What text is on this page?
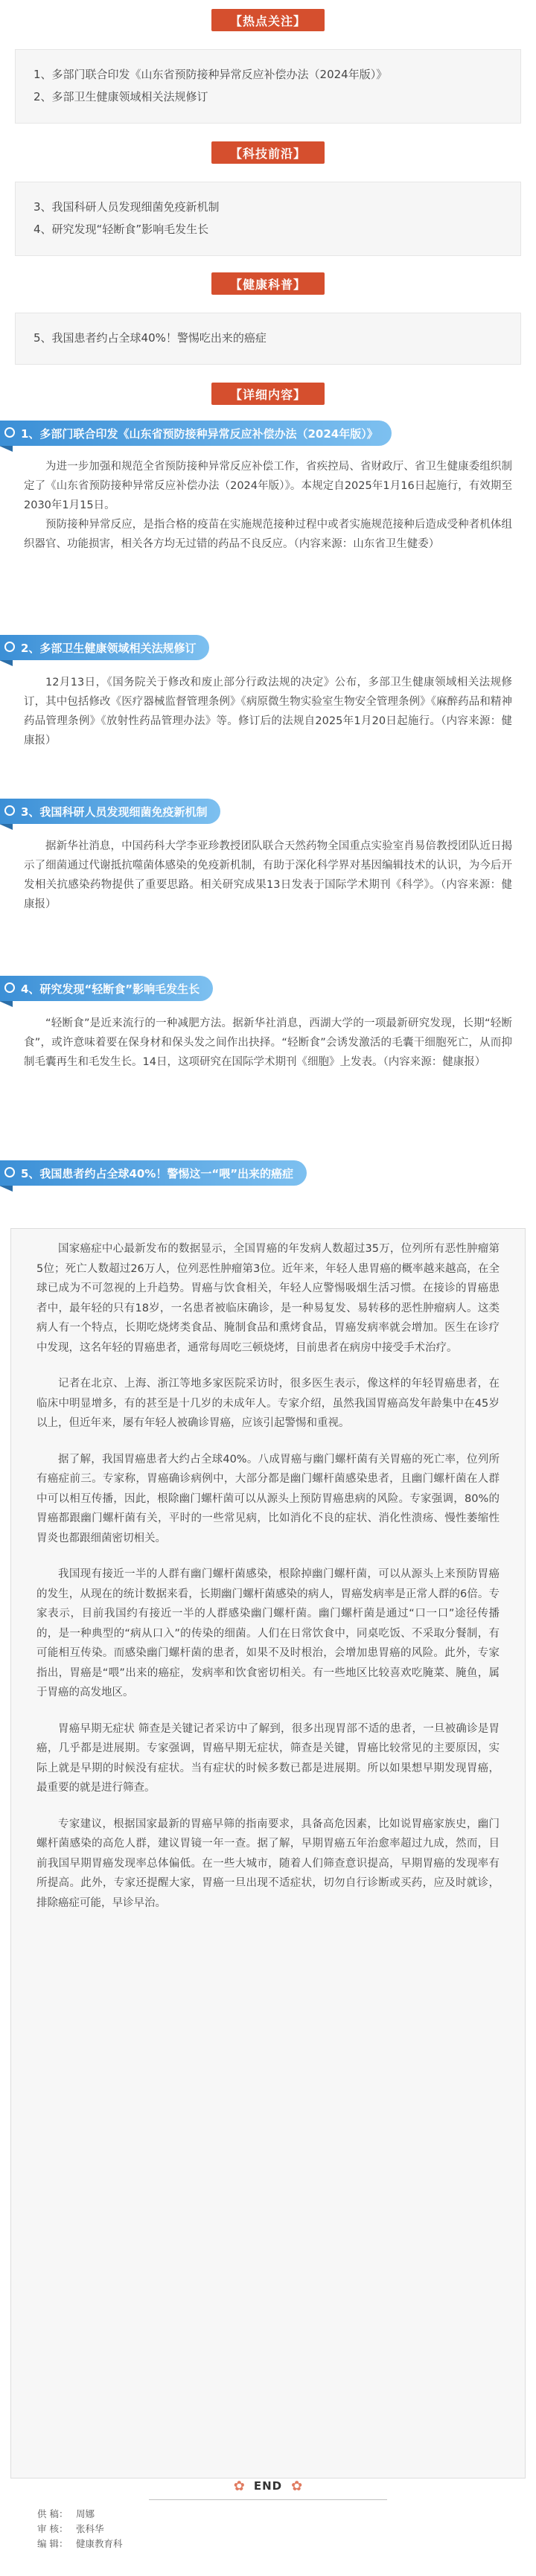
【热点关注】
1、多部门联合印发《山东省预防接种异常反应补偿办法（2024年版）》
2、多部卫生健康领域相关法规修订
【科技前沿】
3、我国科研人员发现细菌免疫新机制
4、研究发现“轻断食”影响毛发生长
【健康科普】
5、我国患者约占全球40%！警惕吃出来的癌症
【详细内容】
1、多部门联合印发《山东省预防接种异常反应补偿办法（2024年版）》

为进一步加强和规范全省预防接种异常反应补偿工作，省疾控局、省财政厅、省卫生健康委组织制定了《山东省预防接种异常反应补偿办法（2024年版）》。本规定自2025年1月16日起施行，有效期至2030年1月15日。

预防接种异常反应，是指合格的疫苗在实施规范接种过程中或者实施规范接种后造成受种者机体组织器官、功能损害，相关各方均无过错的药品不良反应。（内容来源：山东省卫生健委）

2、多部卫生健康领域相关法规修订

12月13日，《国务院关于修改和废止部分行政法规的决定》公布，多部卫生健康领域相关法规修订，其中包括修改《医疗器械监督管理条例》《病原微生物实验室生物安全管理条例》《麻醉药品和精神药品管理条例》《放射性药品管理办法》等。修订后的法规自2025年1月20日起施行。（内容来源：健康报）

3、我国科研人员发现细菌免疫新机制

据新华社消息，中国药科大学李亚珍教授团队联合天然药物全国重点实验室肖易倍教授团队近日揭示了细菌通过代谢抵抗噬菌体感染的免疫新机制，有助于深化科学界对基因编辑技术的认识，为今后开发相关抗感染药物提供了重要思路。相关研究成果13日发表于国际学术期刊《科学》。（内容来源：健康报）

4、研究发现“轻断食”影响毛发生长

“轻断食”是近来流行的一种减肥方法。据新华社消息，西湖大学的一项最新研究发现，长期“轻断食”，或许意味着要在保身材和保头发之间作出抉择。“轻断食”会诱发激活的毛囊干细胞死亡，从而抑制毛囊再生和毛发生长。14日，这项研究在国际学术期刊《细胞》上发表。（内容来源：健康报）

5、我国患者约占全球40%！警惕这一“喂”出来的癌症

国家癌症中心最新发布的数据显示，全国胃癌的年发病人数超过35万，位列所有恶性肿瘤第5位；死亡人数超过26万人，位列恶性肿瘤第3位。近年来，年轻人患胃癌的概率越来越高，在全球已成为不可忽视的上升趋势。胃癌与饮食相关，年轻人应警惕吸烟生活习惯。在接诊的胃癌患者中，最年轻的只有18岁，一名患者被临床确诊，是一种易复发、易转移的恶性肿瘤病人。这类病人有一个特点，长期吃烧烤类食品、腌制食品和熏烤食品，胃癌发病率就会增加。医生在诊疗中发现，这名年轻的胃癌患者，通常每周吃三顿烧烤，目前患者在病房中接受手术治疗。

记者在北京、上海、浙江等地多家医院采访时，很多医生表示，像这样的年轻胃癌患者，在临床中明显增多，有的甚至是十几岁的未成年人。专家介绍，虽然我国胃癌高发年龄集中在45岁以上，但近年来，屡有年轻人被确诊胃癌，应该引起警惕和重视。

据了解，我国胃癌患者大约占全球40%。八成胃癌与幽门螺杆菌有关胃癌的死亡率，位列所有癌症前三。专家称，胃癌确诊病例中，大部分都是幽门螺杆菌感染患者，且幽门螺杆菌在人群中可以相互传播，因此，根除幽门螺杆菌可以从源头上预防胃癌患病的风险。专家强调，80%的胃癌都跟幽门螺杆菌有关，平时的一些常见病，比如消化不良的症状、消化性溃疡、慢性萎缩性胃炎也都跟细菌密切相关。

我国现有接近一半的人群有幽门螺杆菌感染，根除掉幽门螺杆菌，可以从源头上来预防胃癌的发生，从现在的统计数据来看，长期幽门螺杆菌感染的病人，胃癌发病率是正常人群的6倍。专家表示，目前我国约有接近一半的人群感染幽门螺杆菌。幽门螺杆菌是通过“口一口”途径传播的，是一种典型的“病从口入”的传染的细菌。人们在日常饮食中，同桌吃饭、不采取分餐制，有可能相互传染。而感染幽门螺杆菌的患者，如果不及时根治，会增加患胃癌的风险。此外，专家指出，胃癌是“喂”出来的癌症，发病率和饮食密切相关。有一些地区比较喜欢吃腌菜、腌鱼，属于胃癌的高发地区。

胃癌早期无症状 筛查是关键记者采访中了解到，很多出现胃部不适的患者，一旦被确诊是胃癌，几乎都是进展期。专家强调，胃癌早期无症状，筛查是关键，胃癌比较常见的主要原因，实际上就是早期的时候没有症状。当有症状的时候多数已都是进展期。所以如果想早期发现胃癌，最重要的就是进行筛查。

专家建议，根据国家最新的胃癌早筛的指南要求，具备高危因素，比如说胃癌家族史，幽门螺杆菌感染的高危人群，建议胃镜一年一查。据了解，早期胃癌五年治愈率超过九成，然而，目前我国早期胃癌发现率总体偏低。在一些大城市，随着人们筛查意识提高，早期胃癌的发现率有所提高。此外，专家还提醒大家，胃癌一旦出现不适症状，切勿自行诊断或买药，应及时就诊，排除癌症可能，早诊早治。

✿ END ✿
供 稿： 周娜
审 核： 张科华
编 辑： 健康教育科
